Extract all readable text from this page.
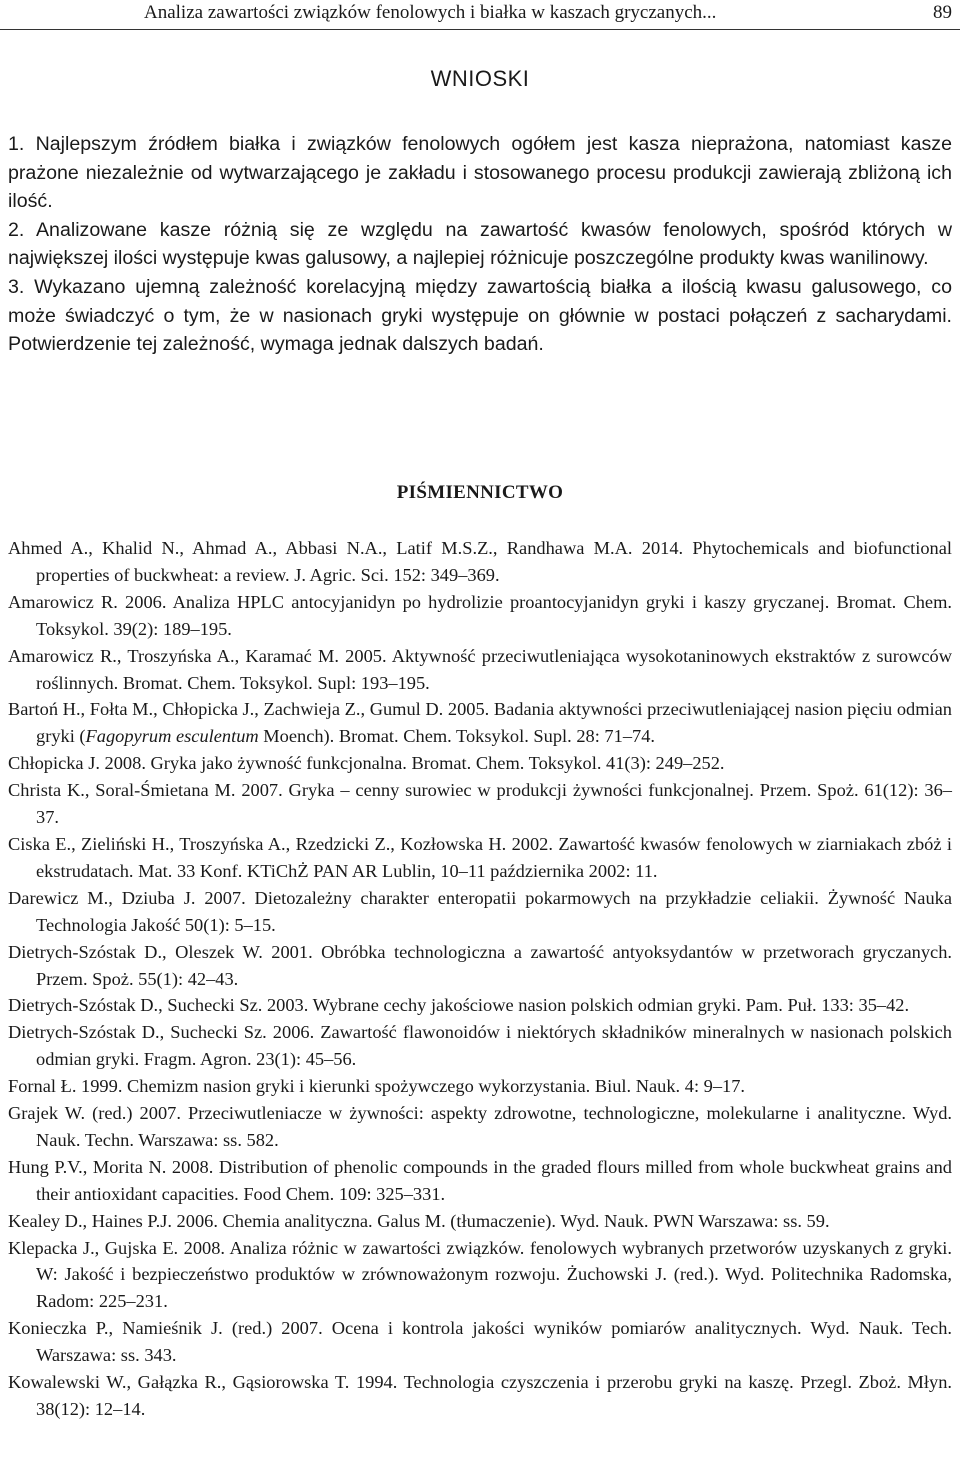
Analiza zawartości związków fenolowych i białka w kaszach gryczanych...	89
WNIOSKI

1. Najlepszym źródłem białka i związków fenolowych ogółem jest kasza nieprażona, natomiast kasze prażone niezależnie od wytwarzającego je zakładu i stosowanego procesu produkcji zawierają zbliżoną ich ilość.

2. Analizowane kasze różnią się ze względu na zawartość kwasów fenolowych, spośród których w największej ilości występuje kwas galusowy, a najlepiej różnicuje poszczególne produkty kwas wanilinowy.

3. Wykazano ujemną zależność korelacyjną między zawartością białka a ilością kwasu galusowego, co może świadczyć o tym, że w nasionach gryki występuje on głównie w postaci połączeń z sacharydami. Potwierdzenie tej zależność, wymaga jednak dalszych badań.

PIŚMIENNICTWO

Ahmed A., Khalid N., Ahmad A., Abbasi N.A., Latif M.S.Z., Randhawa M.A. 2014. Phytochemicals and biofunctional properties of buckwheat: a review. J. Agric. Sci. 152: 349–369.

Amarowicz R. 2006. Analiza HPLC antocyjanidyn po hydrolizie proantocyjanidyn gryki i kaszy gryczanej. Bromat. Chem. Toksykol. 39(2): 189–195.

Amarowicz R., Troszyńska A., Karamać M. 2005. Aktywność przeciwutleniająca wysokotaninowych ekstraktów z surowców roślinnych. Bromat. Chem. Toksykol. Supl: 193–195.

Bartoń H., Fołta M., Chłopicka J., Zachwieja Z., Gumul D. 2005. Badania aktywności przeciwutleniającej nasion pięciu odmian gryki (Fagopyrum esculentum Moench). Bromat. Chem. Toksykol. Supl. 28: 71–74.

Chłopicka J. 2008. Gryka jako żywność funkcjonalna. Bromat. Chem. Toksykol. 41(3): 249–252.

Christa K., Soral-Śmietana M. 2007. Gryka – cenny surowiec w produkcji żywności funkcjonalnej. Przem. Spoż. 61(12): 36–37.

Ciska E., Zieliński H., Troszyńska A., Rzedzicki Z., Kozłowska H. 2002. Zawartość kwasów fenolowych w ziarniakach zbóż i ekstrudatach. Mat. 33 Konf. KTiChŻ PAN AR Lublin, 10–11 października 2002: 11.

Darewicz M., Dziuba J. 2007. Dietozależny charakter enteropatii pokarmowych na przykładzie celiakii. Żywność Nauka Technologia Jakość 50(1): 5–15.

Dietrych-Szóstak D., Oleszek W. 2001. Obróbka technologiczna a zawartość antyoksydantów w przetworach gryczanych. Przem. Spoż. 55(1): 42–43.

Dietrych-Szóstak D., Suchecki Sz. 2003. Wybrane cechy jakościowe nasion polskich odmian gryki. Pam. Puł. 133: 35–42.

Dietrych-Szóstak D., Suchecki Sz. 2006. Zawartość flawonoidów i niektórych składników mineralnych w nasionach polskich odmian gryki. Fragm. Agron. 23(1): 45–56.

Fornal Ł. 1999. Chemizm nasion gryki i kierunki spożywczego wykorzystania. Biul. Nauk. 4: 9–17.

Grajek W. (red.) 2007. Przeciwutleniacze w żywności: aspekty zdrowotne, technologiczne, molekularne i analityczne. Wyd. Nauk. Techn. Warszawa: ss. 582.

Hung P.V., Morita N. 2008. Distribution of phenolic compounds in the graded flours milled from whole buckwheat grains and their antioxidant capacities. Food Chem. 109: 325–331.

Kealey D., Haines P.J. 2006. Chemia analityczna. Galus M. (tłumaczenie). Wyd. Nauk. PWN Warszawa: ss. 59.

Klepacka J., Gujska E. 2008. Analiza różnic w zawartości związków. fenolowych wybranych przetworów uzyskanych z gryki. W: Jakość i bezpieczeństwo produktów w zrównoważonym rozwoju. Żuchowski J. (red.). Wyd. Politechnika Radomska, Radom: 225–231.

Konieczka P., Namieśnik J. (red.) 2007. Ocena i kontrola jakości wyników pomiarów analitycznych. Wyd. Nauk. Tech. Warszawa: ss. 343.

Kowalewski W., Gałązka R., Gąsiorowska T. 1994. Technologia czyszczenia i przerobu gryki na kaszę. Przegl. Zboż. Młyn. 38(12): 12–14.
